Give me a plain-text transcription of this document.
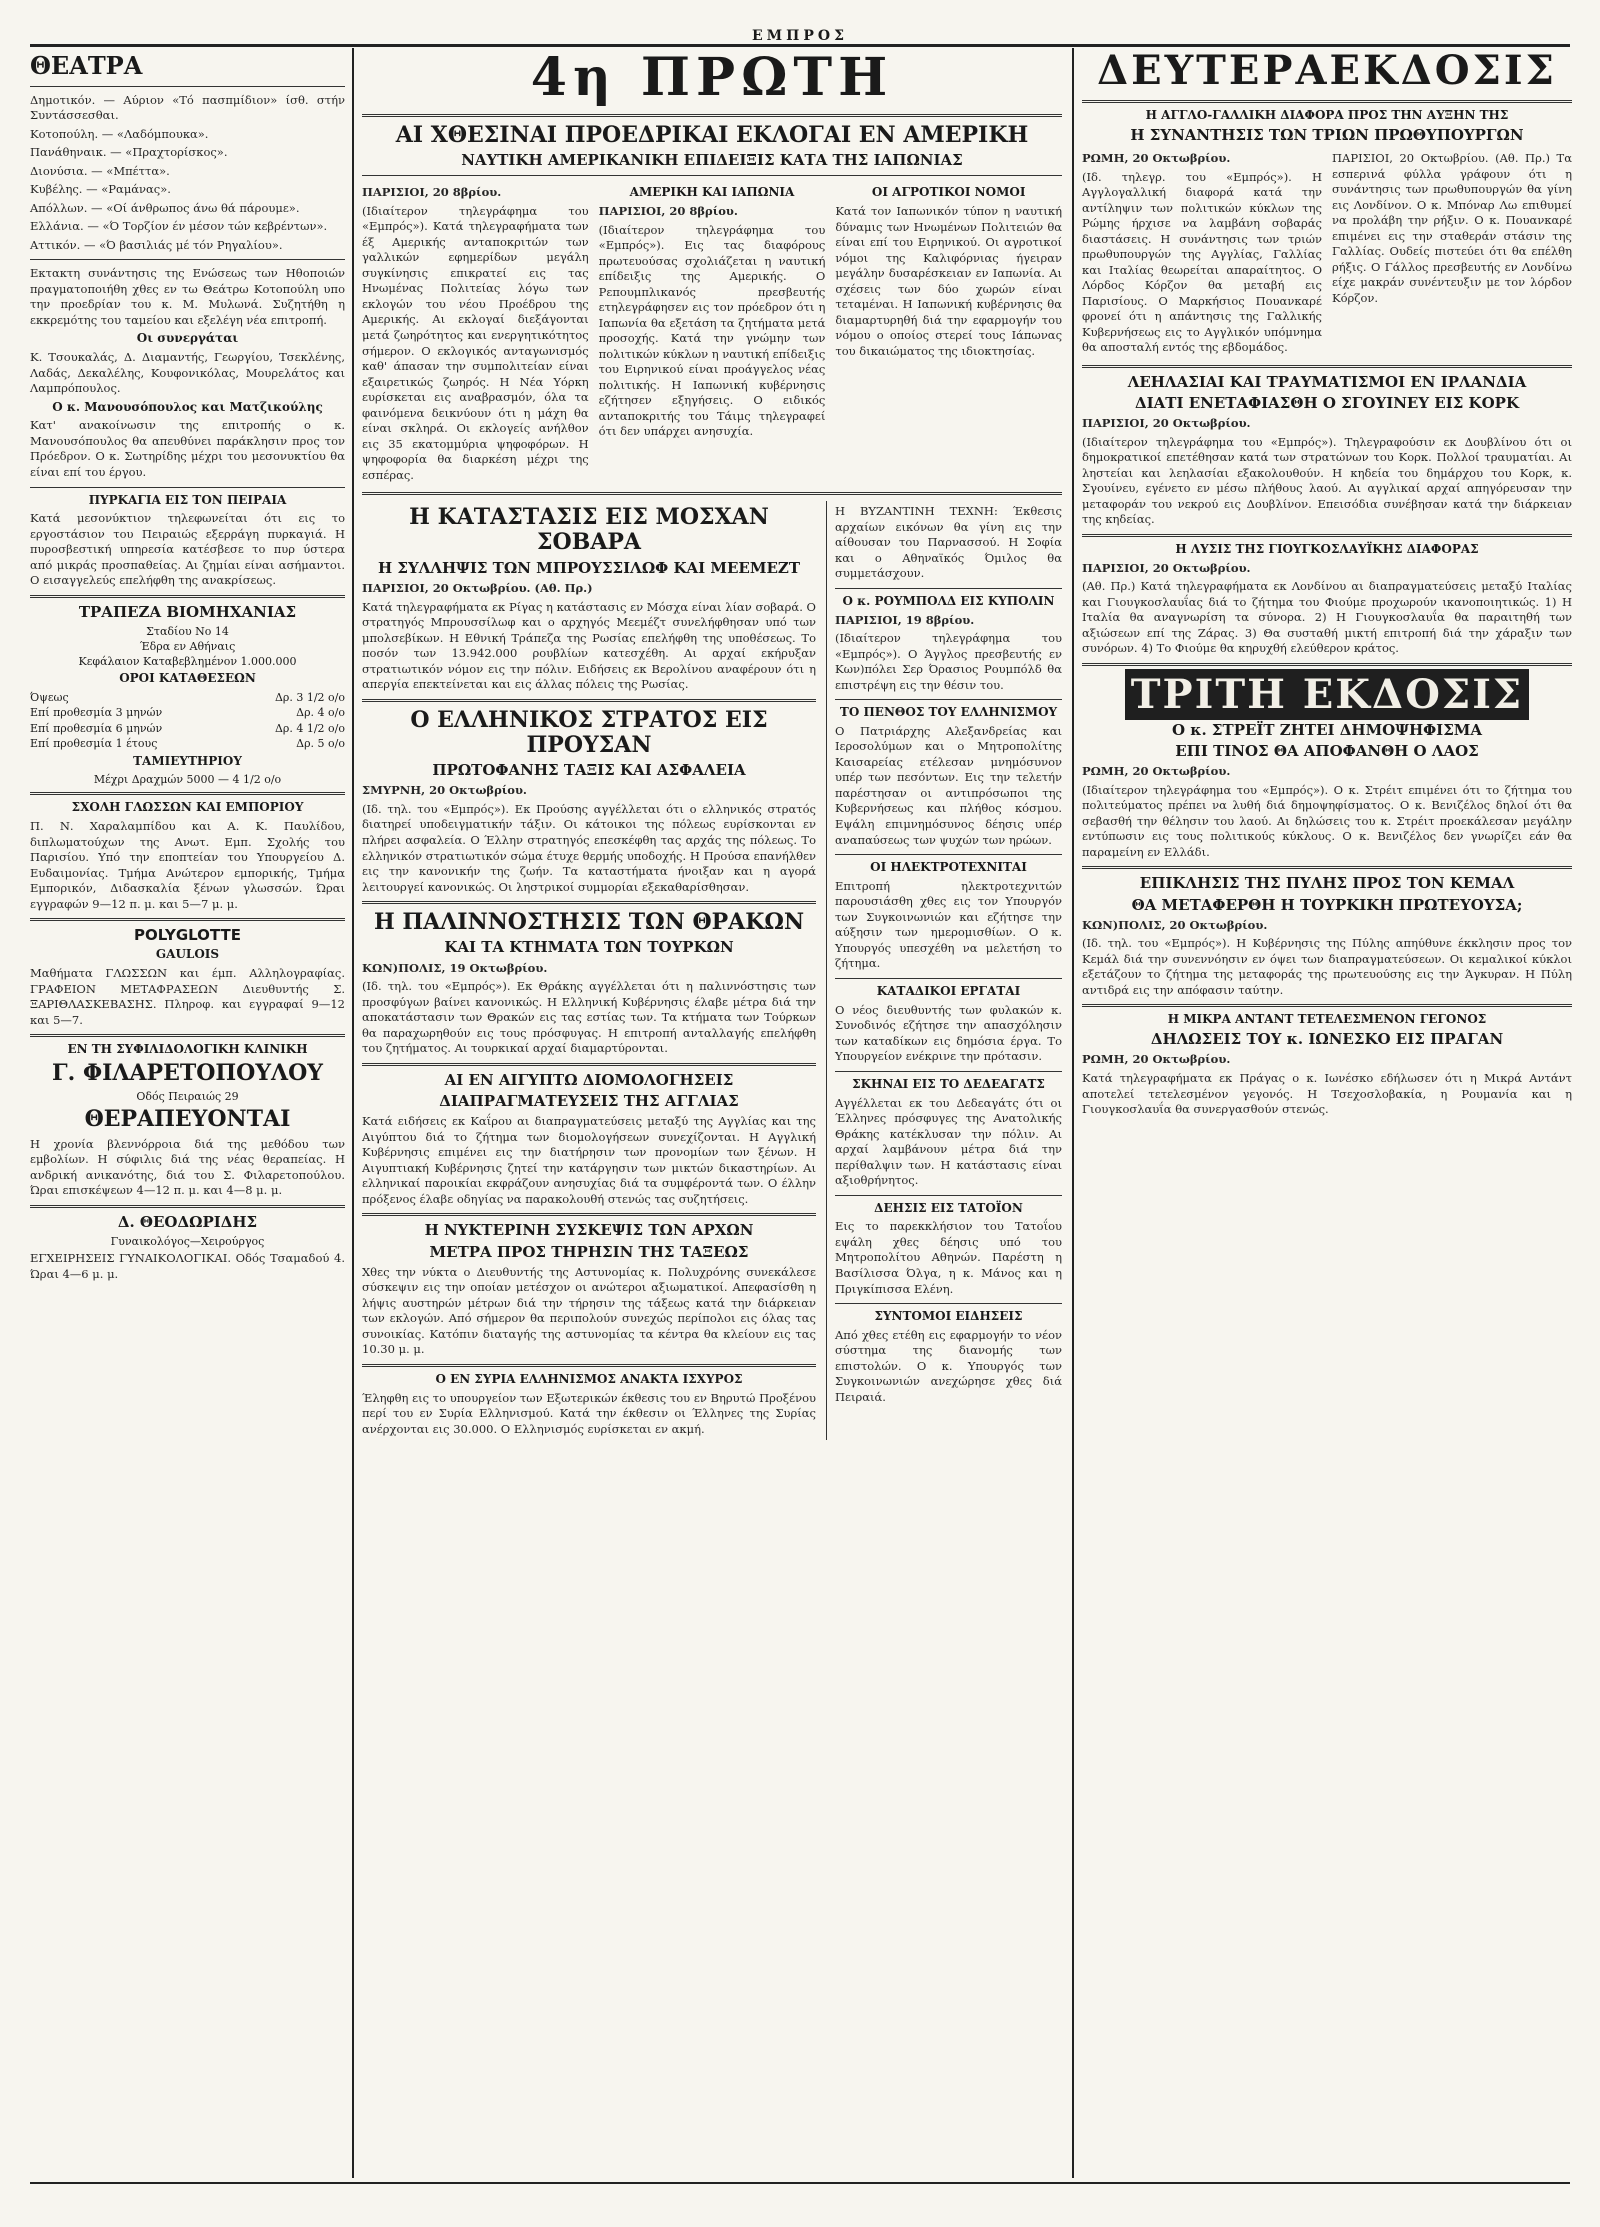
ΕΜΠΡΟΣ
ΘΕΑΤΡΑ
Δημοτικόν. — Αύριον «Τό πασπμίδιον» ίσθ. στήν Συντάσσεσθαι.
Κοτοπούλη. — «Λαδόμπουκα».
Πανάθηναικ. — «Πραχτορίσκος».
Διονύσια. — «Μπέττα».
Κυβέλης. — «Ραμάνας».
Απόλλων. — «Οί άνθρωπος άνω θά πάρουμε».
Ελλάνια. — «Ό Τορζίον έν μέσον τών κεβρέντων».
Αττικόν. — «Ό βασιλιάς μέ τόν Ρηγαλίου».
Εκτακτη συνάντησις της Ενώσεως των Ηθοποιών πραγματοποιήθη χθες εν τω Θεάτρω Κοτοπούλη υπο την προεδρίαν του κ. Μ. Μυλωνά. Συζητήθη η εκκρεμότης του ταμείου και εξελέγη νέα επιτροπή.
Οι συνεργάται
Κ. Τσουκαλάς, Δ. Διαμαντής, Γεωργίου, Τσεκλένης, Λαδάς, Δεκαλέλης, Κουφονικόλας, Μουρελάτος και Λαμπρόπουλος.
Ο κ. Μανουσόπουλος και Ματζικούλης
Κατ' ανακοίνωσιν της επιτροπής ο κ. Μανουσόπουλος θα απευθύνει παράκλησιν προς τον Πρόεδρον. Ο κ. Σωτηρίδης μέχρι του μεσονυκτίου θα είναι επί του έργου.
ΠΥΡΚΑΓΙΑ ΕΙΣ ΤΟΝ ΠΕΙΡΑΙΑ
Κατά μεσονύκτιον τηλεφωνείται ότι εις το εργοστάσιον του Πειραιώς εξερράγη πυρκαγιά. Η πυροσβεστική υπηρεσία κατέσβεσε το πυρ ύστερα από μικράς προσπαθείας. Αι ζημίαι είναι ασήμαντοι. Ο εισαγγελεύς επελήφθη της ανακρίσεως.
ΤΡΑΠΕΖΑ ΒΙΟΜΗΧΑΝΙΑΣ
Σταδίου Νο 14
Έδρα εν Αθήναις
Κεφάλαιον Καταβεβλημένον 1.000.000
ΟΡΟΙ ΚΑΤΑΘΕΣΕΩΝ
Όψεως	Δρ. 3 1/2 ο/ο
Επί προθεσμία 3 μηνών	Δρ. 4 ο/ο
Επί προθεσμία 6 μηνών	Δρ. 4 1/2 ο/ο
Επί προθεσμία 1 έτους	Δρ. 5 ο/ο
ΤΑΜΙΕΥΤΗΡΙΟΥ
Μέχρι Δραχμών 5000 — 4 1/2 ο/ο
ΣΧΟΛΗ ΓΛΩΣΣΩΝ ΚΑΙ ΕΜΠΟΡΙΟΥ
Π. Ν. Χαραλαμπίδου και Α. Κ. Παυλίδου, διπλωματούχων της Ανωτ. Εμπ. Σχολής του Παρισίου. Υπό την εποπτείαν του Υπουργείου Δ. Ευδαιμονίας. Τμήμα Ανώτερον εμπορικής, Τμήμα Εμπορικόν, Διδασκαλία ξένων γλωσσών. Ώραι εγγραφών 9—12 π. μ. και 5—7 μ. μ.
POLYGLOTTE
GAULOIS
Μαθήματα ΓΛΩΣΣΩΝ και έμπ. Αλληλογραφίας. ΓΡΑΦΕΙΟΝ ΜΕΤΑΦΡΑΣΕΩΝ Διευθυντής Σ. ΞΑΡΙΘΛΑΣΚΕΒΑΣΗΣ. Πληροφ. και εγγραφαί 9—12 και 5—7.
ΕΝ ΤΗ ΣΥΦΙΛΙΔΟΛΟΓΙΚΗ ΚΛΙΝΙΚΗ
Γ. ΦΙΛΑΡΕΤΟΠΟΥΛΟΥ
Οδός Πειραιώς 29
ΘΕΡΑΠΕΥΟΝΤΑΙ
Η χρονία βλεννόρροια διά της μεθόδου των εμβολίων. Η σύφιλις διά της νέας θεραπείας. Η ανδρική ανικανότης, διά του Σ. Φιλαρετοπούλου. Ώραι επισκέψεων 4—12 π. μ. και 4—8 μ. μ.
Δ. ΘΕΟΔΩΡΙΔΗΣ
Γυναικολόγος—Χειρούργος
ΕΓΧΕΙΡΗΣΕΙΣ ΓΥΝΑΙΚΟΛΟΓΙΚΑΙ. Οδός Τσαμαδού 4. Ώραι 4—6 μ. μ.
4η ΠΡΩΤΗ
ΑΙ ΧΘΕΣΙΝΑΙ ΠΡΟΕΔΡΙΚΑΙ ΕΚΛΟΓΑΙ ΕΝ ΑΜΕΡΙΚΗ
ΝΑΥΤΙΚΗ ΑΜΕΡΙΚΑΝΙΚΗ ΕΠΙΔΕΙΞΙΣ ΚΑΤΑ ΤΗΣ ΙΑΠΩΝΙΑΣ
ΠΑΡΙΣΙΟΙ, 20 8βρίου.
(Ιδιαίτερον τηλεγράφημα του «Εμπρός»). Κατά τηλεγραφήματα των έξ Αμερικής ανταποκριτών των γαλλικών εφημερίδων μεγάλη συγκίνησις επικρατεί εις τας Ηνωμένας Πολιτείας λόγω των εκλογών του νέου Προέδρου της Αμερικής. Αι εκλογαί διεξάγονται μετά ζωηρότητος και ενεργητικότητος σήμερον. Ο εκλογικός ανταγωνισμός καθ' άπασαν την συμπολιτείαν είναι εξαιρετικώς ζωηρός. Η Νέα Υόρκη ευρίσκεται εις αναβρασμόν, όλα τα φαινόμενα δεικνύουν ότι η μάχη θα είναι σκληρά. Οι εκλογείς ανήλθον εις 35 εκατομμύρια ψηφοφόρων. Η ψηφοφορία θα διαρκέση μέχρι της εσπέρας.
ΑΜΕΡΙΚΗ ΚΑΙ ΙΑΠΩΝΙΑ
ΠΑΡΙΣΙΟΙ, 20 8βρίου.
(Ιδιαίτερον τηλεγράφημα του «Εμπρός»). Εις τας διαφόρους πρωτευούσας σχολιάζεται η ναυτική επίδειξις της Αμερικής. Ο Ρεπουμπλικανός πρεσβευτής ετηλεγράφησεν εις τον πρόεδρον ότι η Ιαπωνία θα εξετάση τα ζητήματα μετά προσοχής. Κατά την γνώμην των πολιτικών κύκλων η ναυτική επίδειξις του Ειρηνικού είναι προάγγελος νέας πολιτικής. Η Ιαπωνική κυβέρνησις εζήτησεν εξηγήσεις. Ο ειδικός ανταποκριτής του Τάιμς τηλεγραφεί ότι δεν υπάρχει ανησυχία.
ΟΙ ΑΓΡΟΤΙΚΟΙ ΝΟΜΟΙ
Κατά τον Ιαπωνικόν τύπον η ναυτική δύναμις των Ηνωμένων Πολιτειών θα είναι επί του Ειρηνικού. Οι αγροτικοί νόμοι της Καλιφόρνιας ήγειραν μεγάλην δυσαρέσκειαν εν Ιαπωνία. Αι σχέσεις των δύο χωρών είναι τεταμέναι. Η Ιαπωνική κυβέρνησις θα διαμαρτυρηθή διά την εφαρμογήν του νόμου ο οποίος στερεί τους Ιάπωνας του δικαιώματος της ιδιοκτησίας.
Η ΚΑΤΑΣΤΑΣΙΣ ΕΙΣ ΜΟΣΧΑΝ ΣΟΒΑΡΑ
Η ΣΥΛΛΗΨΙΣ ΤΩΝ ΜΠΡΟΥΣΣΙΛΩΦ ΚΑΙ ΜΕΕΜΕΖΤ
ΠΑΡΙΣΙΟΙ, 20 Οκτωβρίου. (Αθ. Πρ.)
Κατά τηλεγραφήματα εκ Ρίγας η κατάστασις εν Μόσχα είναι λίαν σοβαρά. Ο στρατηγός Μπρουσσίλωφ και ο αρχηγός Μεεμέζτ συνελήφθησαν υπό των μπολσεβίκων. Η Εθνική Τράπεζα της Ρωσίας επελήφθη της υποθέσεως. Το ποσόν των 13.942.000 ρουβλίων κατεσχέθη. Αι αρχαί εκήρυξαν στρατιωτικόν νόμον εις την πόλιν. Ειδήσεις εκ Βερολίνου αναφέρουν ότι η απεργία επεκτείνεται και εις άλλας πόλεις της Ρωσίας.
Ο ΕΛΛΗΝΙΚΟΣ ΣΤΡΑΤΟΣ ΕΙΣ ΠΡΟΥΣΑΝ
ΠΡΩΤΟΦΑΝΗΣ ΤΑΞΙΣ ΚΑΙ ΑΣΦΑΛΕΙΑ
ΣΜΥΡΝΗ, 20 Οκτωβρίου.
(Ιδ. τηλ. του «Εμπρός»). Εκ Προύσης αγγέλλεται ότι ο ελληνικός στρατός διατηρεί υποδειγματικήν τάξιν. Οι κάτοικοι της πόλεως ευρίσκονται εν πλήρει ασφαλεία. Ο Έλλην στρατηγός επεσκέφθη τας αρχάς της πόλεως. Το ελληνικόν στρατιωτικόν σώμα έτυχε θερμής υποδοχής. Η Προύσα επανήλθεν εις την κανονικήν της ζωήν. Τα καταστήματα ήνοιξαν και η αγορά λειτουργεί κανονικώς. Οι ληστρικοί συμμορίαι εξεκαθαρίσθησαν.
Η ΠΑΛΙΝΝΟΣΤΗΣΙΣ ΤΩΝ ΘΡΑΚΩΝ
ΚΑΙ ΤΑ ΚΤΗΜΑΤΑ ΤΩΝ ΤΟΥΡΚΩΝ
ΚΩΝ)ΠΟΛΙΣ, 19 Οκτωβρίου.
(Ιδ. τηλ. του «Εμπρός»). Εκ Θράκης αγγέλλεται ότι η παλιννόστησις των προσφύγων βαίνει κανονικώς. Η Ελληνική Κυβέρνησις έλαβε μέτρα διά την αποκατάστασιν των Θρακών εις τας εστίας των. Τα κτήματα των Τούρκων θα παραχωρηθούν εις τους πρόσφυγας. Η επιτροπή ανταλλαγής επελήφθη του ζητήματος. Αι τουρκικαί αρχαί διαμαρτύρονται.
ΑΙ ΕΝ ΑΙΓΥΠΤΩ ΔΙΟΜΟΛΟΓΗΣΕΙΣ
ΔΙΑΠΡΑΓΜΑΤΕΥΣΕΙΣ ΤΗΣ ΑΓΓΛΙΑΣ
Κατά ειδήσεις εκ Καΐρου αι διαπραγματεύσεις μεταξύ της Αγγλίας και της Αιγύπτου διά το ζήτημα των διομολογήσεων συνεχίζονται. Η Αγγλική Κυβέρνησις επιμένει εις την διατήρησιν των προνομίων των ξένων. Η Αιγυπτιακή Κυβέρνησις ζητεί την κατάργησιν των μικτών δικαστηρίων. Αι ελληνικαί παροικίαι εκφράζουν ανησυχίας διά τα συμφέροντά των. Ο έλλην πρόξενος έλαβε οδηγίας να παρακολουθή στενώς τας συζητήσεις.
Η ΝΥΚΤΕΡΙΝΗ ΣΥΣΚΕΨΙΣ ΤΩΝ ΑΡΧΩΝ
ΜΕΤΡΑ ΠΡΟΣ ΤΗΡΗΣΙΝ ΤΗΣ ΤΑΞΕΩΣ
Χθες την νύκτα ο Διευθυντής της Αστυνομίας κ. Πολυχρόνης συνεκάλεσε σύσκεψιν εις την οποίαν μετέσχον οι ανώτεροι αξιωματικοί. Απεφασίσθη η λήψις αυστηρών μέτρων διά την τήρησιν της τάξεως κατά την διάρκειαν των εκλογών. Από σήμερον θα περιπολούν συνεχώς περίπολοι εις όλας τας συνοικίας. Κατόπιν διαταγής της αστυνομίας τα κέντρα θα κλείουν εις τας 10.30 μ. μ.
Ο ΕΝ ΣΥΡΙΑ ΕΛΛΗΝΙΣΜΟΣ ΑΝΑΚΤΑ ΙΣΧΥΡΟΣ
Έληφθη εις το υπουργείον των Εξωτερικών έκθεσις του εν Βηρυτώ Προξένου περί του εν Συρία Ελληνισμού. Κατά την έκθεσιν οι Έλληνες της Συρίας ανέρχονται εις 30.000. Ο Ελληνισμός ευρίσκεται εν ακμή.
Η ΒΥΖΑΝΤΙΝΗ ΤΕΧΝΗ: Έκθεσις αρχαίων εικόνων θα γίνη εις την αίθουσαν του Παρνασσού. Η Σοφία και ο Αθηναϊκός Όμιλος θα συμμετάσχουν.
Ο κ. ΡΟΥΜΠΟΛΔ ΕΙΣ ΚΥΠΟΛΙΝ
ΠΑΡΙΣΙΟΙ, 19 8βρίου.
(Ιδιαίτερον τηλεγράφημα του «Εμπρός»). Ο Άγγλος πρεσβευτής εν Κων)πόλει Σερ Όρασιος Ρουμπόλδ θα επιστρέψη εις την θέσιν του.
ΤΟ ΠΕΝΘΟΣ ΤΟΥ ΕΛΛΗΝΙΣΜΟΥ
Ο Πατριάρχης Αλεξανδρείας και Ιεροσολύμων και ο Μητροπολίτης Καισαρείας ετέλεσαν μνημόσυνον υπέρ των πεσόντων. Εις την τελετήν παρέστησαν οι αντιπρόσωποι της Κυβερνήσεως και πλήθος κόσμου. Εψάλη επιμνημόσυνος δέησις υπέρ αναπαύσεως των ψυχών των ηρώων.
ΟΙ ΗΛΕΚΤΡΟΤΕΧΝΙΤΑΙ
Επιτροπή ηλεκτροτεχνιτών παρουσιάσθη χθες εις τον Υπουργόν των Συγκοινωνιών και εζήτησε την αύξησιν των ημερομισθίων. Ο κ. Υπουργός υπεσχέθη να μελετήση το ζήτημα.
ΚΑΤΑΔΙΚΟΙ ΕΡΓΑΤΑΙ
Ο νέος διευθυντής των φυλακών κ. Συνοδινός εζήτησε την απασχόλησιν των καταδίκων εις δημόσια έργα. Το Υπουργείον ενέκρινε την πρότασιν.
ΣΚΗΝΑΙ ΕΙΣ ΤΟ ΔΕΔΕΑΓΑΤΣ
Αγγέλλεται εκ του Δεδεαγάτς ότι οι Έλληνες πρόσφυγες της Ανατολικής Θράκης κατέκλυσαν την πόλιν. Αι αρχαί λαμβάνουν μέτρα διά την περίθαλψιν των. Η κατάστασις είναι αξιοθρήνητος.
ΔΕΗΣΙΣ ΕΙΣ ΤΑΤΟΪΟΝ
Εις το παρεκκλήσιον του Τατοΐου εψάλη χθες δέησις υπό του Μητροπολίτου Αθηνών. Παρέστη η Βασίλισσα Όλγα, η κ. Μάνος και η Πριγκίπισσα Ελένη.
ΣΥΝΤΟΜΟΙ ΕΙΔΗΣΕΙΣ
Από χθες ετέθη εις εφαρμογήν το νέον σύστημα της διανομής των επιστολών. Ο κ. Υπουργός των Συγκοινωνιών ανεχώρησε χθες διά Πειραιά.
ΔΕΥΤΕΡΑΕΚΔΟΣΙΣ
Η ΑΓΓΛΟ-ΓΑΛΛΙΚΗ ΔΙΑΦΟΡΑ ΠΡΟΣ ΤΗΝ ΑΥΞΗΝ ΤΗΣ
Η ΣΥΝΑΝΤΗΣΙΣ ΤΩΝ ΤΡΙΩΝ ΠΡΩΘΥΠΟΥΡΓΩΝ
ΡΩΜΗ, 20 Οκτωβρίου.
(Ιδ. τηλεγρ. του «Εμπρός»). Η Αγγλογαλλική διαφορά κατά την αντίληψιν των πολιτικών κύκλων της Ρώμης ήρχισε να λαμβάνη σοβαράς διαστάσεις. Η συνάντησις των τριών πρωθυπουργών της Αγγλίας, Γαλλίας και Ιταλίας θεωρείται απαραίτητος. Ο Λόρδος Κόρζον θα μεταβή εις Παρισίους. Ο Μαρκήσιος Πουανκαρέ φρονεί ότι η απάντησις της Γαλλικής Κυβερνήσεως εις το Αγγλικόν υπόμνημα θα αποσταλή εντός της εβδομάδος.
ΠΑΡΙΣΙΟΙ, 20 Οκτωβρίου. (Αθ. Πρ.) Τα εσπερινά φύλλα γράφουν ότι η συνάντησις των πρωθυπουργών θα γίνη εις Λονδίνον. Ο κ. Μπόναρ Λω επιθυμεί να προλάβη την ρήξιν. Ο κ. Πουανκαρέ επιμένει εις την σταθεράν στάσιν της Γαλλίας. Ουδείς πιστεύει ότι θα επέλθη ρήξις. Ο Γάλλος πρεσβευτής εν Λονδίνω είχε μακράν συνέντευξιν με τον λόρδον Κόρζον.
ΛΕΗΛΑΣΙΑΙ ΚΑΙ ΤΡΑΥΜΑΤΙΣΜΟΙ ΕΝ ΙΡΛΑΝΔΙΑ
ΔΙΑΤΙ ΕΝΕΤΑΦΙΑΣΘΗ Ο ΣΓΟΥΙΝΕΥ ΕΙΣ ΚΟΡΚ
ΠΑΡΙΣΙΟΙ, 20 Οκτωβρίου.
(Ιδιαίτερον τηλεγράφημα του «Εμπρός»). Τηλεγραφούσιν εκ Δουβλίνου ότι οι δημοκρατικοί επετέθησαν κατά των στρατώνων του Κορκ. Πολλοί τραυματίαι. Αι ληστείαι και λεηλασίαι εξακολουθούν. Η κηδεία του δημάρχου του Κορκ, κ. Σγουίνευ, εγένετο εν μέσω πλήθους λαού. Αι αγγλικαί αρχαί απηγόρευσαν την μεταφοράν του νεκρού εις Δουβλίνον. Επεισόδια συνέβησαν κατά την διάρκειαν της κηδείας.
Η ΛΥΣΙΣ ΤΗΣ ΓΙΟΥΓΚΟΣΛΑΥΪΚΗΣ ΔΙΑΦΟΡΑΣ
ΠΑΡΙΣΙΟΙ, 20 Οκτωβρίου.
(Αθ. Πρ.) Κατά τηλεγραφήματα εκ Λονδίνου αι διαπραγματεύσεις μεταξύ Ιταλίας και Γιουγκοσλαυΐας διά το ζήτημα του Φιούμε προχωρούν ικανοποιητικώς. 1) Η Ιταλία θα αναγνωρίση τα σύνορα. 2) Η Γιουγκοσλαυΐα θα παραιτηθή των αξιώσεων επί της Ζάρας. 3) Θα συσταθή μικτή επιτροπή διά την χάραξιν των συνόρων. 4) Το Φιούμε θα κηρυχθή ελεύθερον κράτος.
ΤΡΙΤΗ ΕΚΔΟΣΙΣ
Ο κ. ΣΤΡΕΪΤ ΖΗΤΕΙ ΔΗΜΟΨΗΦΙΣΜΑ
ΕΠΙ ΤΙΝΟΣ ΘΑ ΑΠΟΦΑΝΘΗ Ο ΛΑΟΣ
ΡΩΜΗ, 20 Οκτωβρίου.
(Ιδιαίτερον τηλεγράφημα του «Εμπρός»). Ο κ. Στρέιτ επιμένει ότι το ζήτημα του πολιτεύματος πρέπει να λυθή διά δημοψηφίσματος. Ο κ. Βενιζέλος δηλοί ότι θα σεβασθή την θέλησιν του λαού. Αι δηλώσεις του κ. Στρέιτ προεκάλεσαν μεγάλην εντύπωσιν εις τους πολιτικούς κύκλους. Ο κ. Βενιζέλος δεν γνωρίζει εάν θα παραμείνη εν Ελλάδι.
ΕΠΙΚΛΗΣΙΣ ΤΗΣ ΠΥΛΗΣ ΠΡΟΣ ΤΟΝ ΚΕΜΑΛ
ΘΑ ΜΕΤΑΦΕΡΘΗ Η ΤΟΥΡΚΙΚΗ ΠΡΩΤΕΥΟΥΣΑ;
ΚΩΝ)ΠΟΛΙΣ, 20 Οκτωβρίου.
(Ιδ. τηλ. του «Εμπρός»). Η Κυβέρνησις της Πύλης απηύθυνε έκκλησιν προς τον Κεμάλ διά την συνεννόησιν εν όψει των διαπραγματεύσεων. Οι κεμαλικοί κύκλοι εξετάζουν το ζήτημα της μεταφοράς της πρωτευούσης εις την Άγκυραν. Η Πύλη αντιδρά εις την απόφασιν ταύτην.
Η ΜΙΚΡΑ ΑΝΤΑΝΤ ΤΕΤΕΛΕΣΜΕΝΟΝ ΓΕΓΟΝΟΣ
ΔΗΛΩΣΕΙΣ ΤΟΥ κ. ΙΩΝΕΣΚΟ ΕΙΣ ΠΡΑΓΑΝ
ΡΩΜΗ, 20 Οκτωβρίου.
Κατά τηλεγραφήματα εκ Πράγας ο κ. Ιωνέσκο εδήλωσεν ότι η Μικρά Αντάντ αποτελεί τετελεσμένον γεγονός. Η Τσεχοσλοβακία, η Ρουμανία και η Γιουγκοσλαυΐα θα συνεργασθούν στενώς.
